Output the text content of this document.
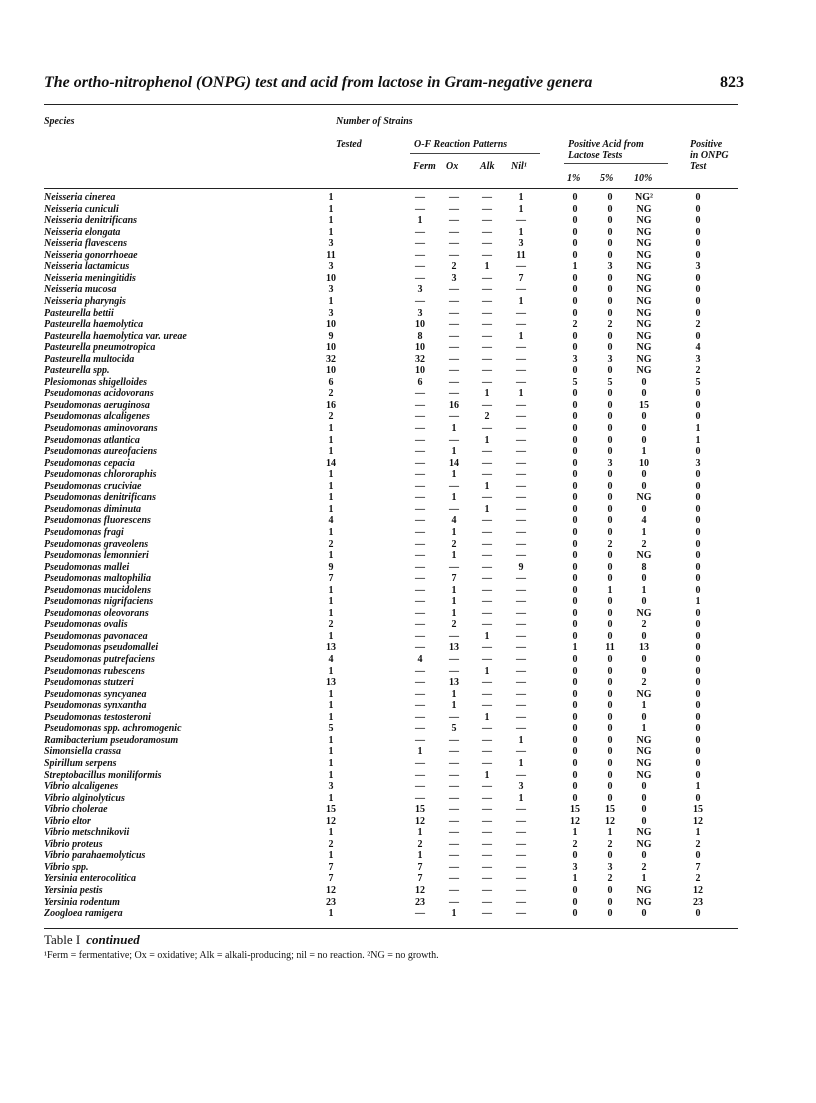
The ortho-nitrophenol (ONPG) test and acid from lactose in Gram-negative genera	823
Species	Number of Strains
Tested	O-F Reaction Patterns
Ferm Ox Alk Nil¹
Positive Acid from
Lactose Tests
1% 5% 10%
Positive
in ONPG
Test
Neisseria cinerea	1	—	—	—	1	0	0	NG²	0
Neisseria cuniculi	1	—	—	—	1	0	0	NG	0
Neisseria denitrificans	1	1	—	—	—	0	0	NG	0
Neisseria elongata	1	—	—	—	1	0	0	NG	0
Neisseria flavescens	3	—	—	—	3	0	0	NG	0
Neisseria gonorrhoeae	11	—	—	—	11	0	0	NG	0
Neisseria lactamicus	3	—	2	1	—	1	3	NG	3
Neisseria meningitidis	10	—	3	—	7	0	0	NG	0
Neisseria mucosa	3	3	—	—	—	0	0	NG	0
Neisseria pharyngis	1	—	—	—	1	0	0	NG	0
Pasteurella bettii	3	3	—	—	—	0	0	NG	0
Pasteurella haemolytica	10	10	—	—	—	2	2	NG	2
Pasteurella haemolytica var. ureae	9	8	—	—	1	0	0	NG	0
Pasteurella pneumotropica	10	10	—	—	—	0	0	NG	4
Pasteurella multocida	32	32	—	—	—	3	3	NG	3
Pasteurella spp.	10	10	—	—	—	0	0	NG	2
Plesiomonas shigelloides	6	6	—	—	—	5	5	0	5
Pseudomonas acidovorans	2	—	—	1	1	0	0	0	0
Pseudomonas aeruginosa	16	—	16	—	—	0	0	15	0
Pseudomonas alcaligenes	2	—	—	2	—	0	0	0	0
Pseudomonas aminovorans	1	—	1	—	—	0	0	0	1
Pseudomonas atlantica	1	—	—	1	—	0	0	0	1
Pseudomonas aureofaciens	1	—	1	—	—	0	0	1	0
Pseudomonas cepacia	14	—	14	—	—	0	3	10	3
Pseudomonas chlororaphis	1	—	1	—	—	0	0	0	0
Pseudomonas cruciviae	1	—	—	1	—	0	0	0	0
Pseudomonas denitrificans	1	—	1	—	—	0	0	NG	0
Pseudomonas diminuta	1	—	—	1	—	0	0	0	0
Pseudomonas fluorescens	4	—	4	—	—	0	0	4	0
Pseudomonas fragi	1	—	1	—	—	0	0	1	0
Pseudomonas graveolens	2	—	2	—	—	0	2	2	0
Pseudomonas lemonnieri	1	—	1	—	—	0	0	NG	0
Pseudomonas mallei	9	—	—	—	9	0	0	8	0
Pseudomonas maltophilia	7	—	7	—	—	0	0	0	0
Pseudomonas mucidolens	1	—	1	—	—	0	1	1	0
Pseudomonas nigrifaciens	1	—	1	—	—	0	0	0	1
Pseudomonas oleovorans	1	—	1	—	—	0	0	NG	0
Pseudomonas ovalis	2	—	2	—	—	0	0	2	0
Pseudomonas pavonacea	1	—	—	1	—	0	0	0	0
Pseudomonas pseudomallei	13	—	13	—	—	1	11	13	0
Pseudomonas putrefaciens	4	4	—	—	—	0	0	0	0
Pseudomonas rubescens	1	—	—	1	—	0	0	0	0
Pseudomonas stutzeri	13	—	13	—	—	0	0	2	0
Pseudomonas syncyanea	1	—	1	—	—	0	0	NG	0
Pseudomonas synxantha	1	—	1	—	—	0	0	1	0
Pseudomonas testosteroni	1	—	—	1	—	0	0	0	0
Pseudomonas spp. achromogenic	5	—	5	—	—	0	0	1	0
Ramibacterium pseudoramosum	1	—	—	—	1	0	0	NG	0
Simonsiella crassa	1	1	—	—	—	0	0	NG	0
Spirillum serpens	1	—	—	—	1	0	0	NG	0
Streptobacillus moniliformis	1	—	—	1	—	0	0	NG	0
Vibrio alcaligenes	3	—	—	—	3	0	0	0	1
Vibrio alginolyticus	1	—	—	—	1	0	0	0	0
Vibrio cholerae	15	15	—	—	—	15	15	0	15
Vibrio eltor	12	12	—	—	—	12	12	0	12
Vibrio metschnikovii	1	1	—	—	—	1	1	NG	1
Vibrio proteus	2	2	—	—	—	2	2	NG	2
Vibrio parahaemolyticus	1	1	—	—	—	0	0	0	0
Vibrio spp.	7	7	—	—	—	3	3	2	7
Yersinia enterocolitica	7	7	—	—	—	1	2	1	2
Yersinia pestis	12	12	—	—	—	0	0	NG	12
Yersinia rodentum	23	23	—	—	—	0	0	NG	23
Zoogloea ramigera	1	—	1	—	—	0	0	0	0
Table I continued
¹Ferm = fermentative; Ox = oxidative; Alk = alkali-producing; nil = no reaction. ²NG = no growth.
